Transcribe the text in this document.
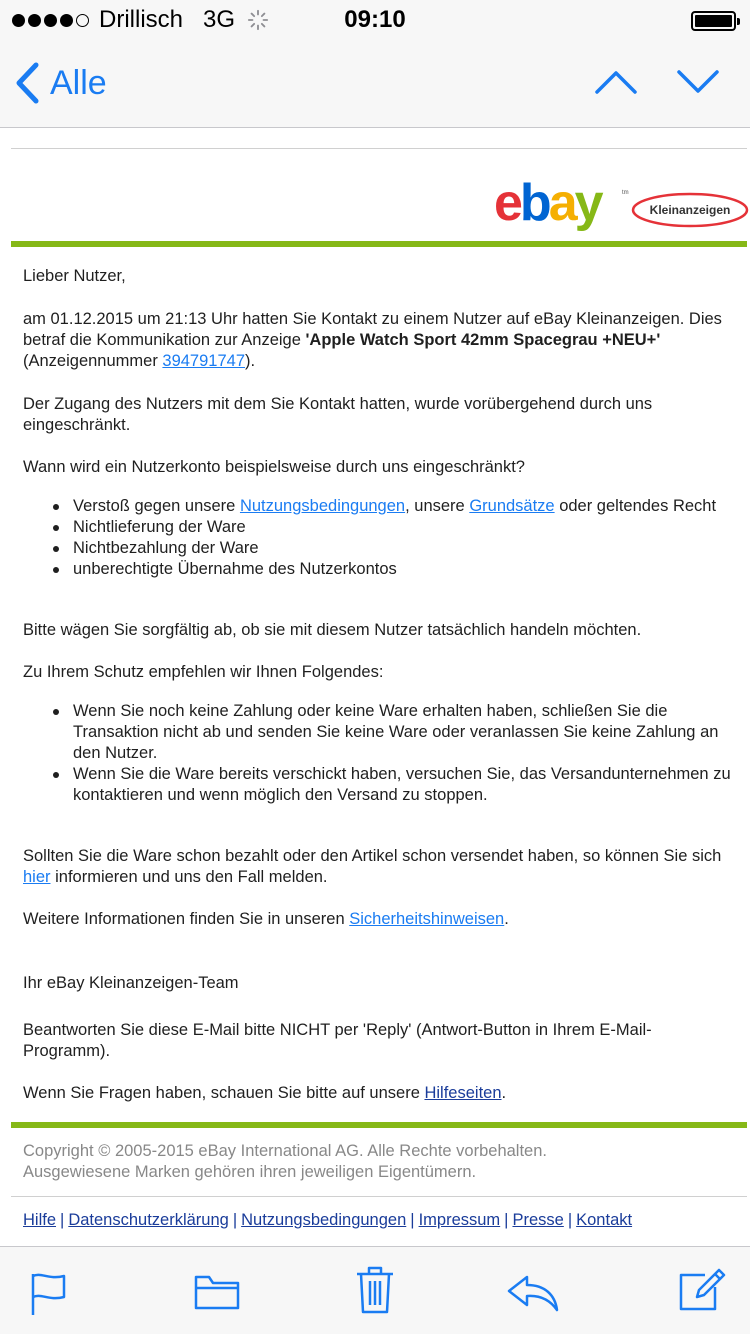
Drillisch 3G	09:10
Alle
ebay	tm
Kleinanzeigen
Lieber Nutzer,
am 01.12.2015 um 21:13 Uhr hatten Sie Kontakt zu einem Nutzer auf eBay Kleinanzeigen. Dies betraf die Kommunikation zur Anzeige 'Apple Watch Sport 42mm Spacegrau +NEU+' (Anzeigennummer 394791747).
Der Zugang des Nutzers mit dem Sie Kontakt hatten, wurde vorübergehend durch uns eingeschränkt.
Wann wird ein Nutzerkonto beispielsweise durch uns eingeschränkt?
Verstoß gegen unsere Nutzungsbedingungen, unsere Grundsätze oder geltendes Recht
Nichtlieferung der Ware
Nichtbezahlung der Ware
unberechtigte Übernahme des Nutzerkontos
Bitte wägen Sie sorgfältig ab, ob sie mit diesem Nutzer tatsächlich handeln möchten.
Zu Ihrem Schutz empfehlen wir Ihnen Folgendes:
Wenn Sie noch keine Zahlung oder keine Ware erhalten haben, schließen Sie die Transaktion nicht ab und senden Sie keine Ware oder veranlassen Sie keine Zahlung an den Nutzer.
Wenn Sie die Ware bereits verschickt haben, versuchen Sie, das Versandunternehmen zu kontaktieren und wenn möglich den Versand zu stoppen.
Sollten Sie die Ware schon bezahlt oder den Artikel schon versendet haben, so können Sie sich hier informieren und uns den Fall melden.
Weitere Informationen finden Sie in unseren Sicherheitshinweisen.
Ihr eBay Kleinanzeigen-Team
Beantworten Sie diese E-Mail bitte NICHT per 'Reply' (Antwort-Button in Ihrem E-Mail-Programm).
Wenn Sie Fragen haben, schauen Sie bitte auf unsere Hilfeseiten.
Copyright © 2005-2015 eBay International AG. Alle Rechte vorbehalten.
Ausgewiesene Marken gehören ihren jeweiligen Eigentümern.
Hilfe | Datenschutzerklärung | Nutzungsbedingungen | Impressum | Presse | Kontakt
